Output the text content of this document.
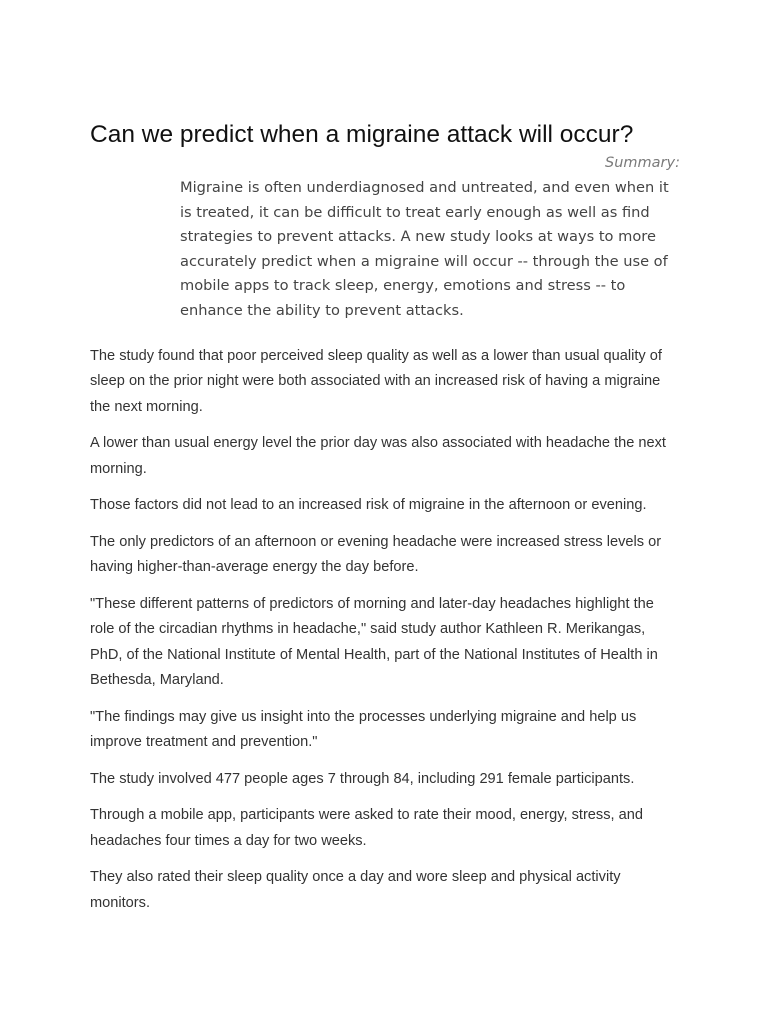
Can we predict when a migraine attack will occur?
Summary:
Migraine is often underdiagnosed and untreated, and even when it is treated, it can be difficult to treat early enough as well as find strategies to prevent attacks. A new study looks at ways to more accurately predict when a migraine will occur -- through the use of mobile apps to track sleep, energy, emotions and stress -- to enhance the ability to prevent attacks.

The study found that poor perceived sleep quality as well as a lower than usual quality of sleep on the prior night were both associated with an increased risk of having a migraine the next morning.

A lower than usual energy level the prior day was also associated with headache the next morning.

Those factors did not lead to an increased risk of migraine in the afternoon or evening.

The only predictors of an afternoon or evening headache were increased stress levels or having higher-than-average energy the day before.

"These different patterns of predictors of morning and later-day headaches highlight the role of the circadian rhythms in headache," said study author Kathleen R. Merikangas, PhD, of the National Institute of Mental Health, part of the National Institutes of Health in Bethesda, Maryland.

"The findings may give us insight into the processes underlying migraine and help us improve treatment and prevention."

The study involved 477 people ages 7 through 84, including 291 female participants.

Through a mobile app, participants were asked to rate their mood, energy, stress, and headaches four times a day for two weeks.

They also rated their sleep quality once a day and wore sleep and physical activity monitors.
